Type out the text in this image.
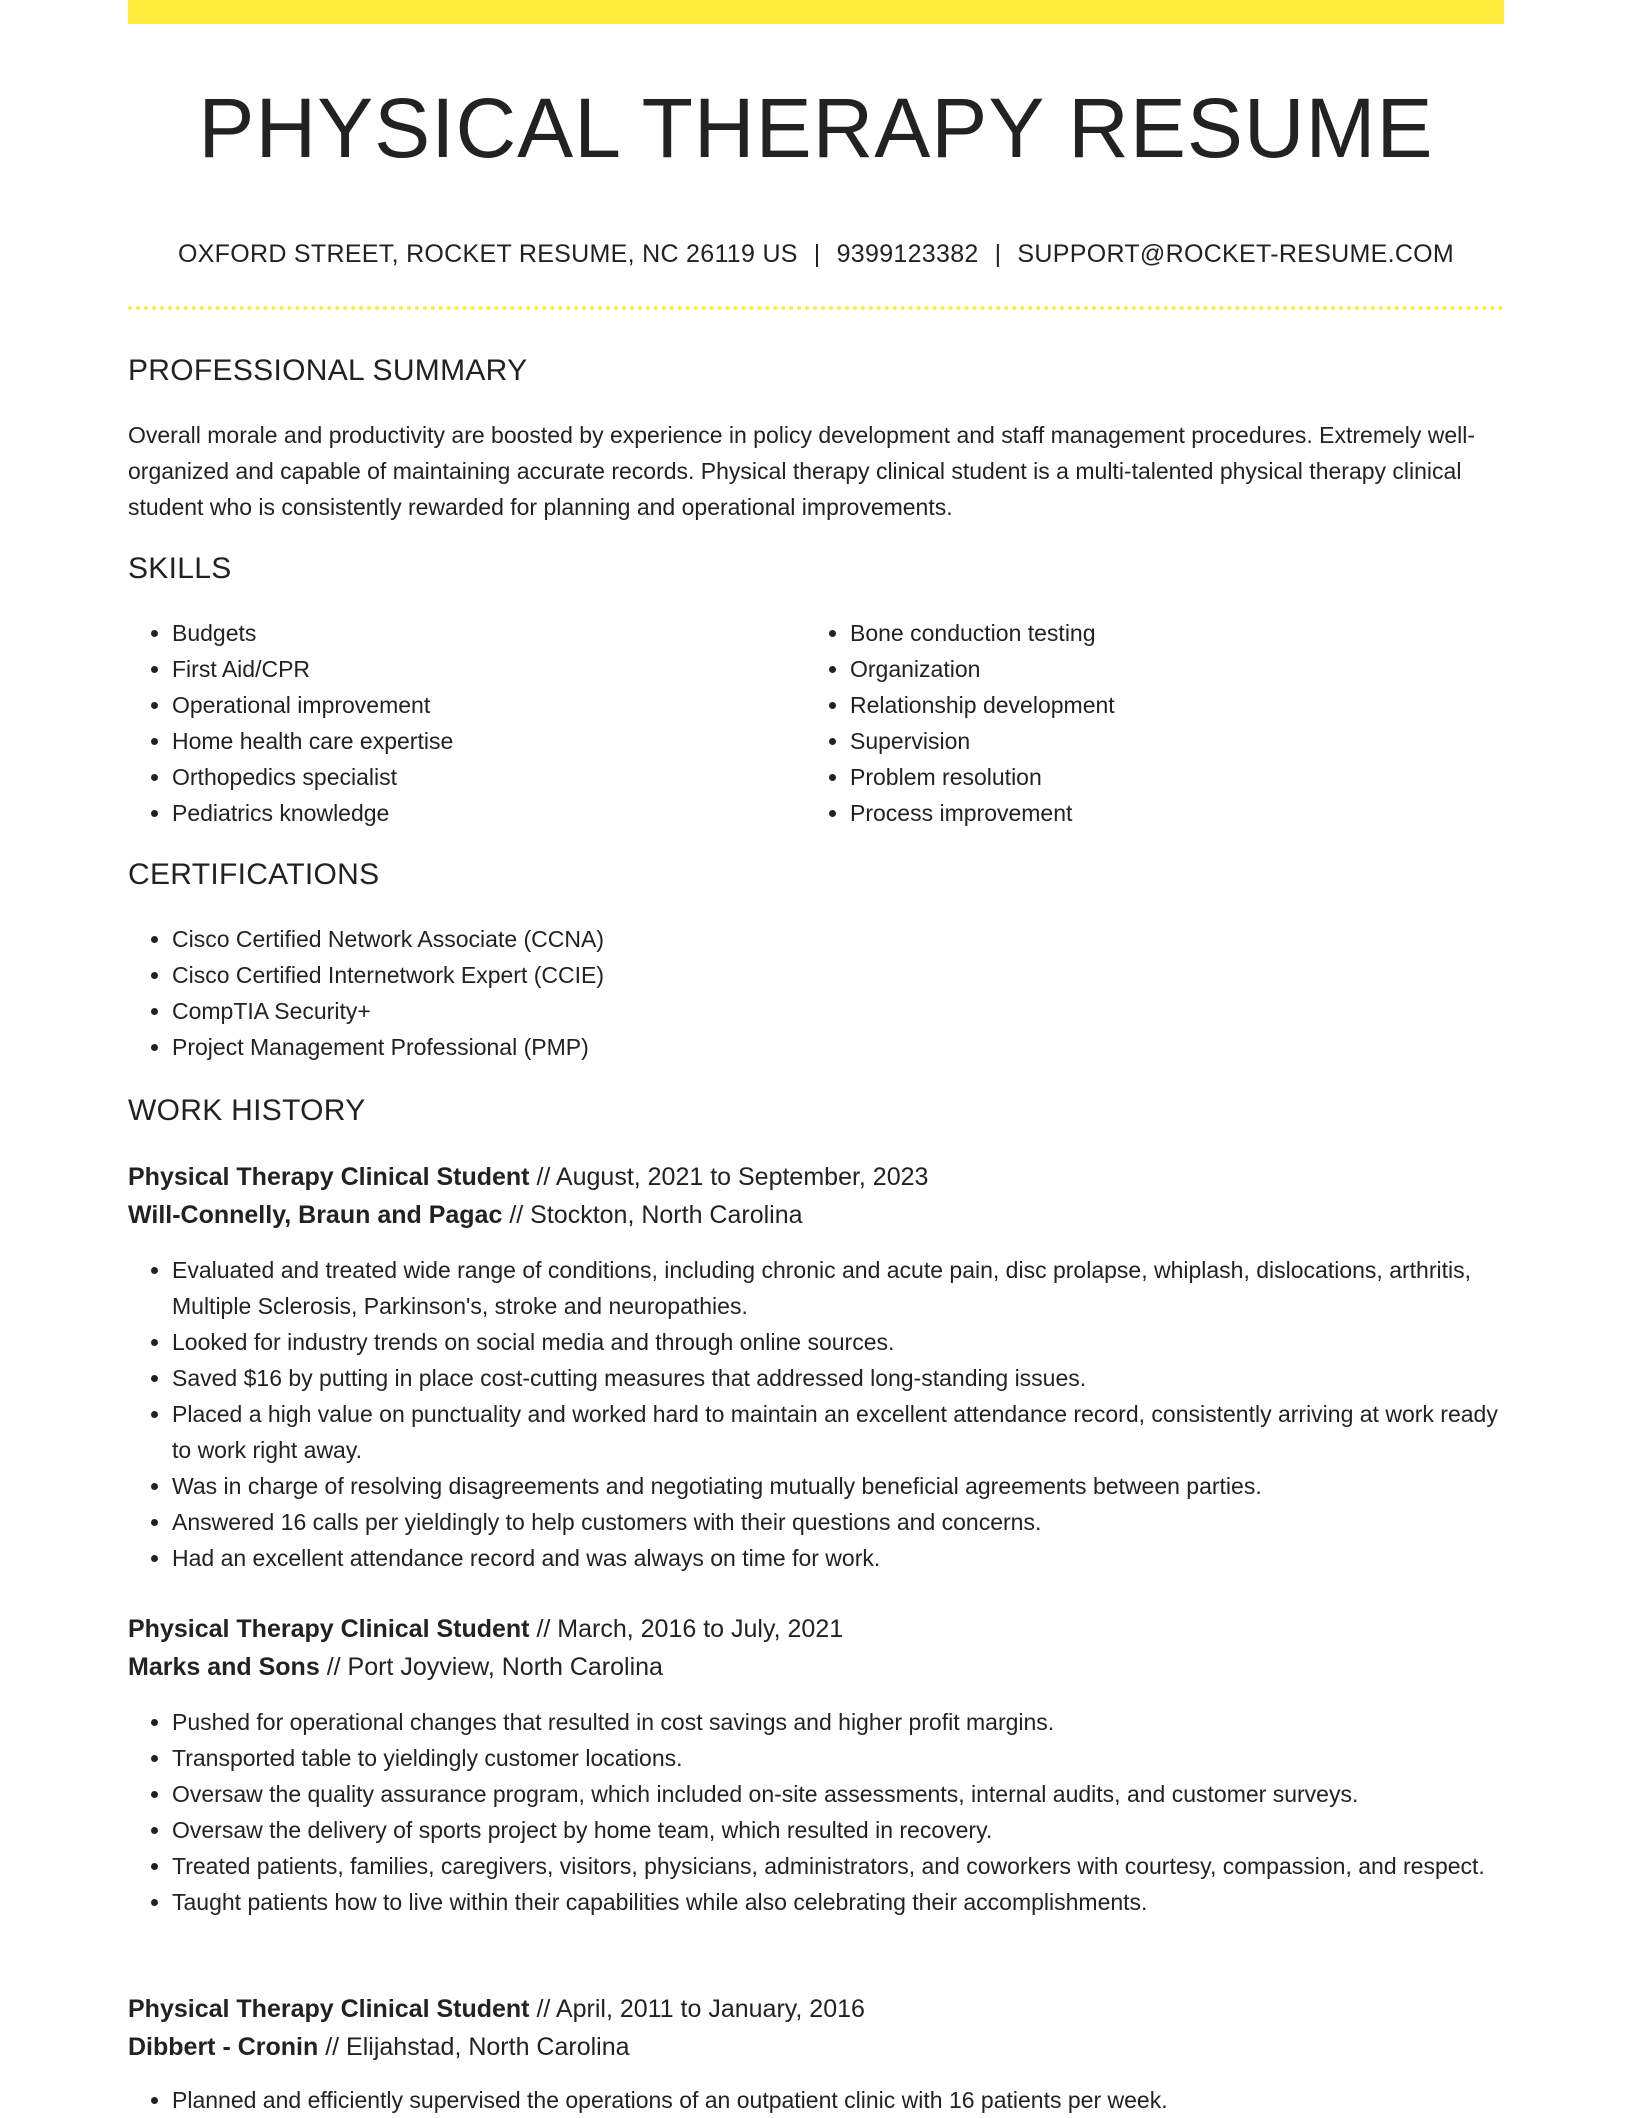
PHYSICAL THERAPY RESUME
OXFORD STREET, ROCKET RESUME, NC 26119 US | 9399123382 | SUPPORT@ROCKET-RESUME.COM
PROFESSIONAL SUMMARY

Overall morale and productivity are boosted by experience in policy development and staff management procedures. Extremely well-organized and capable of maintaining accurate records. Physical therapy clinical student is a multi-talented physical therapy clinical student who is consistently rewarded for planning and operational improvements.

SKILLS
• Budgets
• First Aid/CPR
• Operational improvement
• Home health care expertise
• Orthopedics specialist
• Pediatrics knowledge
• Bone conduction testing
• Organization
• Relationship development
• Supervision
• Problem resolution
• Process improvement
CERTIFICATIONS
• Cisco Certified Network Associate (CCNA)
• Cisco Certified Internetwork Expert (CCIE)
• CompTIA Security+
• Project Management Professional (PMP)
WORK HISTORY
Physical Therapy Clinical Student // August, 2021 to September, 2023
Will-Connelly, Braun and Pagac // Stockton, North Carolina
• Evaluated and treated wide range of conditions, including chronic and acute pain, disc prolapse, whiplash, dislocations, arthritis, Multiple Sclerosis, Parkinson's, stroke and neuropathies.
• Looked for industry trends on social media and through online sources.
• Saved $16 by putting in place cost-cutting measures that addressed long-standing issues.
• Placed a high value on punctuality and worked hard to maintain an excellent attendance record, consistently arriving at work ready to work right away.
• Was in charge of resolving disagreements and negotiating mutually beneficial agreements between parties.
• Answered 16 calls per yieldingly to help customers with their questions and concerns.
• Had an excellent attendance record and was always on time for work.
Physical Therapy Clinical Student // March, 2016 to July, 2021
Marks and Sons // Port Joyview, North Carolina
• Pushed for operational changes that resulted in cost savings and higher profit margins.
• Transported table to yieldingly customer locations.
• Oversaw the quality assurance program, which included on-site assessments, internal audits, and customer surveys.
• Oversaw the delivery of sports project by home team, which resulted in recovery.
• Treated patients, families, caregivers, visitors, physicians, administrators, and coworkers with courtesy, compassion, and respect.
• Taught patients how to live within their capabilities while also celebrating their accomplishments.
Physical Therapy Clinical Student // April, 2011 to January, 2016
Dibbert - Cronin // Elijahstad, North Carolina
• Planned and efficiently supervised the operations of an outpatient clinic with 16 patients per week.
